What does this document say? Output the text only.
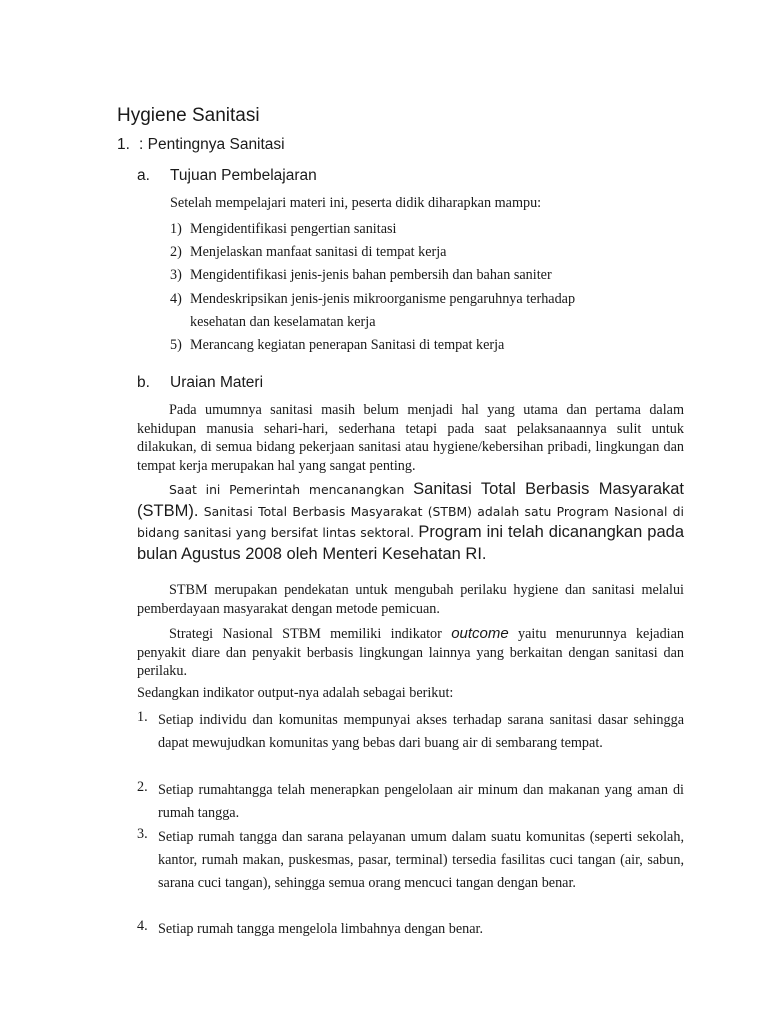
Hygiene Sanitasi
1. : Pentingnya Sanitasi
a. Tujuan Pembelajaran
Setelah mempelajari materi ini, peserta didik diharapkan mampu:
1) Mengidentifikasi pengertian sanitasi
2) Menjelaskan manfaat sanitasi di tempat kerja
3) Mengidentifikasi jenis-jenis bahan pembersih dan bahan saniter
4) Mendeskripsikan jenis-jenis mikroorganisme pengaruhnya terhadap
kesehatan dan keselamatan kerja
5) Merancang kegiatan penerapan Sanitasi di tempat kerja
b. Uraian Materi

Pada umumnya sanitasi masih belum menjadi hal yang utama dan pertama dalam kehidupan manusia sehari-hari, sederhana tetapi pada saat pelaksanaannya sulit untuk dilakukan, di semua bidang pekerjaan sanitasi atau hygiene/kebersihan pribadi, lingkungan dan tempat kerja merupakan hal yang sangat penting.

Saat ini Pemerintah mencanangkan Sanitasi Total Berbasis Masyarakat (STBM). Sanitasi Total Berbasis Masyarakat (STBM) adalah satu Program Nasional di bidang sanitasi yang bersifat lintas sektoral. Program ini telah dicanangkan pada bulan Agustus 2008 oleh Menteri Kesehatan RI.

STBM merupakan pendekatan untuk mengubah perilaku hygiene dan sanitasi melalui pemberdayaan masyarakat dengan metode pemicuan.

Strategi Nasional STBM memiliki indikator outcome yaitu menurunnya kejadian penyakit diare dan penyakit berbasis lingkungan lainnya yang berkaitan dengan sanitasi dan perilaku.

Sedangkan indikator output-nya adalah sebagai berikut:
1. Setiap individu dan komunitas mempunyai akses terhadap sarana sanitasi dasar sehingga dapat mewujudkan komunitas yang bebas dari buang air di sembarang tempat.
2. Setiap rumahtangga telah menerapkan pengelolaan air minum dan makanan yang aman di rumah tangga.
3. Setiap rumah tangga dan sarana pelayanan umum dalam suatu komunitas (seperti sekolah, kantor, rumah makan, puskesmas, pasar, terminal) tersedia fasilitas cuci tangan (air, sabun, sarana cuci tangan), sehingga semua orang mencuci tangan dengan benar.
4. Setiap rumah tangga mengelola limbahnya dengan benar.
